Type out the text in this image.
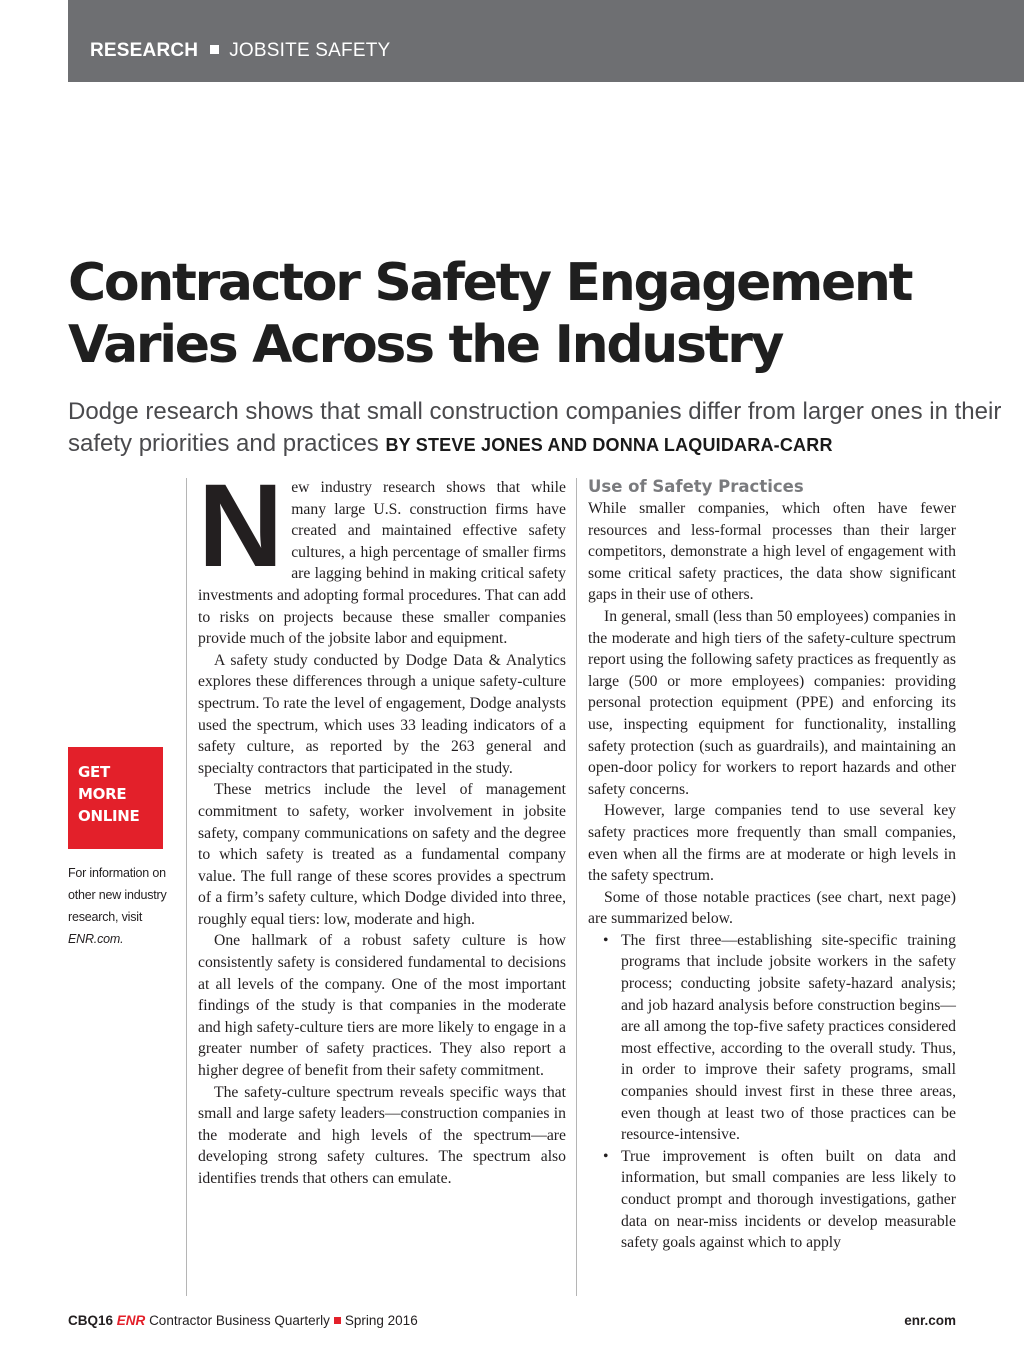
RESEARCH JOBSITE SAFETY
Contractor Safety Engagement
Varies Across the Industry
Dodge research shows that small construction companies differ from larger ones in their safety priorities and practices BY STEVE JONES AND DONNA LAQUIDARA-CARR
GET MORE ONLINE
For information on other new industry research, visit ENR.com.
N ew industry research shows that while many large U.S. construction firms have created and maintained effective safety cultures, a high percentage of smaller firms are lagging behind in making critical safety investments and adopting formal procedures. That can add to risks on projects because these smaller companies provide much of the jobsite labor and equipment.

A safety study conducted by Dodge Data & Analytics explores these differences through a unique safety-culture spectrum. To rate the level of engagement, Dodge analysts used the spectrum, which uses 33 leading indicators of a safety culture, as reported by the 263 general and specialty contractors that participated in the study.

These metrics include the level of management commitment to safety, worker involvement in jobsite safety, company communications on safety and the degree to which safety is treated as a fundamental company value. The full range of these scores provides a spectrum of a firm’s safety culture, which Dodge divided into three, roughly equal tiers: low, moderate and high.

One hallmark of a robust safety culture is how consistently safety is considered fundamental to decisions at all levels of the company. One of the most important findings of the study is that companies in the moderate and high safety-culture tiers are more likely to engage in a greater number of safety practices. They also report a higher degree of benefit from their safety commitment.

The safety-culture spectrum reveals specific ways that small and large safety leaders—construction companies in the moderate and high levels of the spectrum—are developing strong safety cultures. The spectrum also identifies trends that others can emulate.

Use of Safety Practices

While smaller companies, which often have fewer resources and less-formal processes than their larger competitors, demonstrate a high level of engagement with some critical safety practices, the data show significant gaps in their use of others.

In general, small (less than 50 employees) companies in the moderate and high tiers of the safety-culture spectrum report using the following safety practices as frequently as large (500 or more employees) companies: providing personal protection equipment (PPE) and enforcing its use, inspecting equipment for functionality, installing safety protection (such as guardrails), and maintaining an open-door policy for workers to report hazards and other safety concerns.

However, large companies tend to use several key safety practices more frequently than small companies, even when all the firms are at moderate or high levels in the safety spectrum.

Some of those notable practices (see chart, next page) are summarized below.

• The first three—establishing site-specific training programs that include jobsite workers in the safety process; conducting jobsite safety-hazard analysis; and job hazard analysis before construction begins—are all among the top-five safety practices considered most effective, according to the overall study. Thus, in order to improve their safety programs, small companies should invest first in these three areas, even though at least two of those practices can be resource-intensive.
• True improvement is often built on data and information, but small companies are less likely to conduct prompt and thorough investigations, gather data on near-miss incidents or develop measurable safety goals against which to apply
CBQ16 ENR Contractor Business Quarterly Spring 2016	enr.com
